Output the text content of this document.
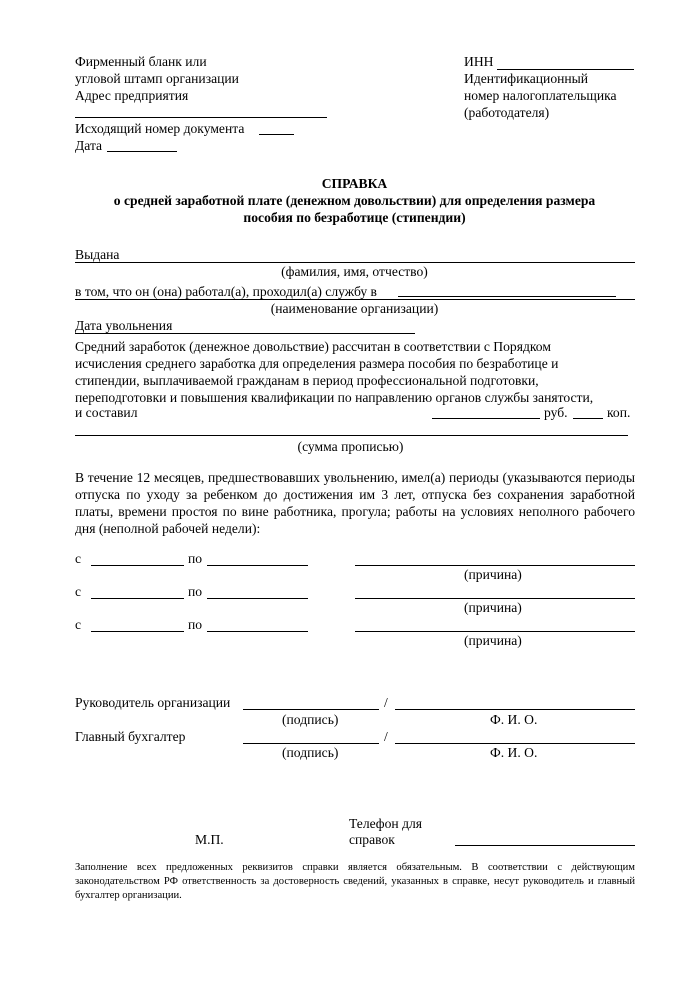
Фирменный бланк или
угловой штамп организации
Адрес предприятия
Исходящий номер документа
Дата
ИНН
Идентификационный
номер налогоплательщика
(работодателя)
СПРАВКА
о средней заработной плате (денежном довольствии) для определения размера
пособия по безработице (стипендии)
Выдана
(фамилия, имя, отчество)
в том, что он (она) работал(а), проходил(а) службу в
(наименование организации)
Дата увольнения
Средний заработок (денежное довольствие) рассчитан в соответствии с Порядком
исчисления среднего заработка для определения размера пособия по безработице и
стипендии, выплачиваемой гражданам в период профессиональной подготовки,
переподготовки и повышения квалификации по направлению органов службы занятости,
и составил	руб.	коп.
(сумма прописью)
В течение 12 месяцев, предшествовавших увольнению, имел(а) периоды (указываются периоды отпуска по уходу за ребенком до достижения им 3 лет, отпуска без сохранения заработной платы, времени простоя по вине работника, прогула; работы на условиях неполного рабочего дня (неполной рабочей недели):
с	по
(причина)
с	по
(причина)
с	по
(причина)
Руководитель организации	/
(подпись)	Ф. И. О.
Главный бухгалтер	/
(подпись)	Ф. И. О.
М.П.
Телефон для
справок
Заполнение всех предложенных реквизитов справки является обязательным. В соответствии с действующим законодательством РФ ответственность за достоверность сведений, указанных в справке, несут руководитель и главный бухгалтер организации.
